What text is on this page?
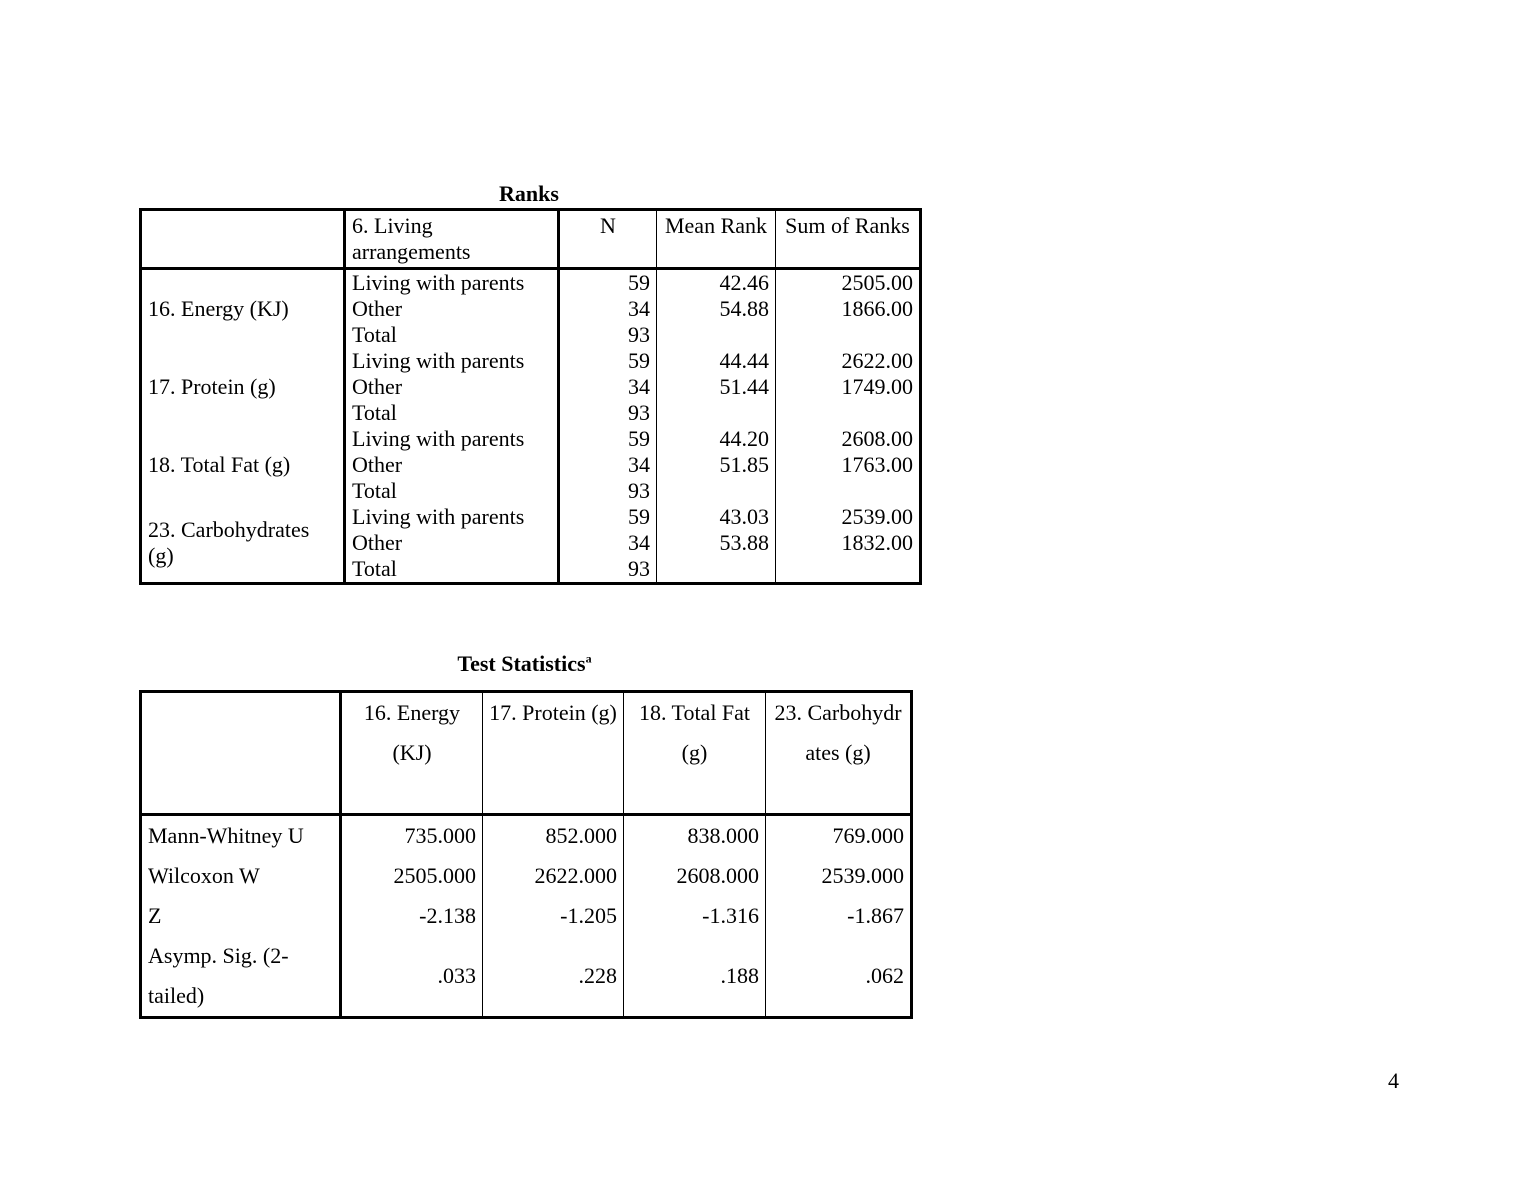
Ranks
	6. Living arrangements	N	Mean Rank	Sum of Ranks
16. Energy (KJ)	Living with parents	59	42.46	2505.00
	Other	34	54.88	1866.00
	Total	93		
17. Protein (g)	Living with parents	59	44.44	2622.00
	Other	34	51.44	1749.00
	Total	93		
18. Total Fat (g)	Living with parents	59	44.20	2608.00
	Other	34	51.85	1763.00
	Total	93		
23. Carbohydrates (g)	Living with parents	59	43.03	2539.00
	Other	34	53.88	1832.00
	Total	93		
Test Statistics$^a$
	16. Energy (KJ)	17. Protein (g)	18. Total Fat (g)	23. Carbohydrates (g)
Mann-Whitney U	735.000	852.000	838.000	769.000
Wilcoxon W	2505.000	2622.000	2608.000	2539.000
Z	-2.138	-1.205	-1.316	-1.867
Asymp. Sig. (2-tailed)	.033	.228	.188	.062
4
